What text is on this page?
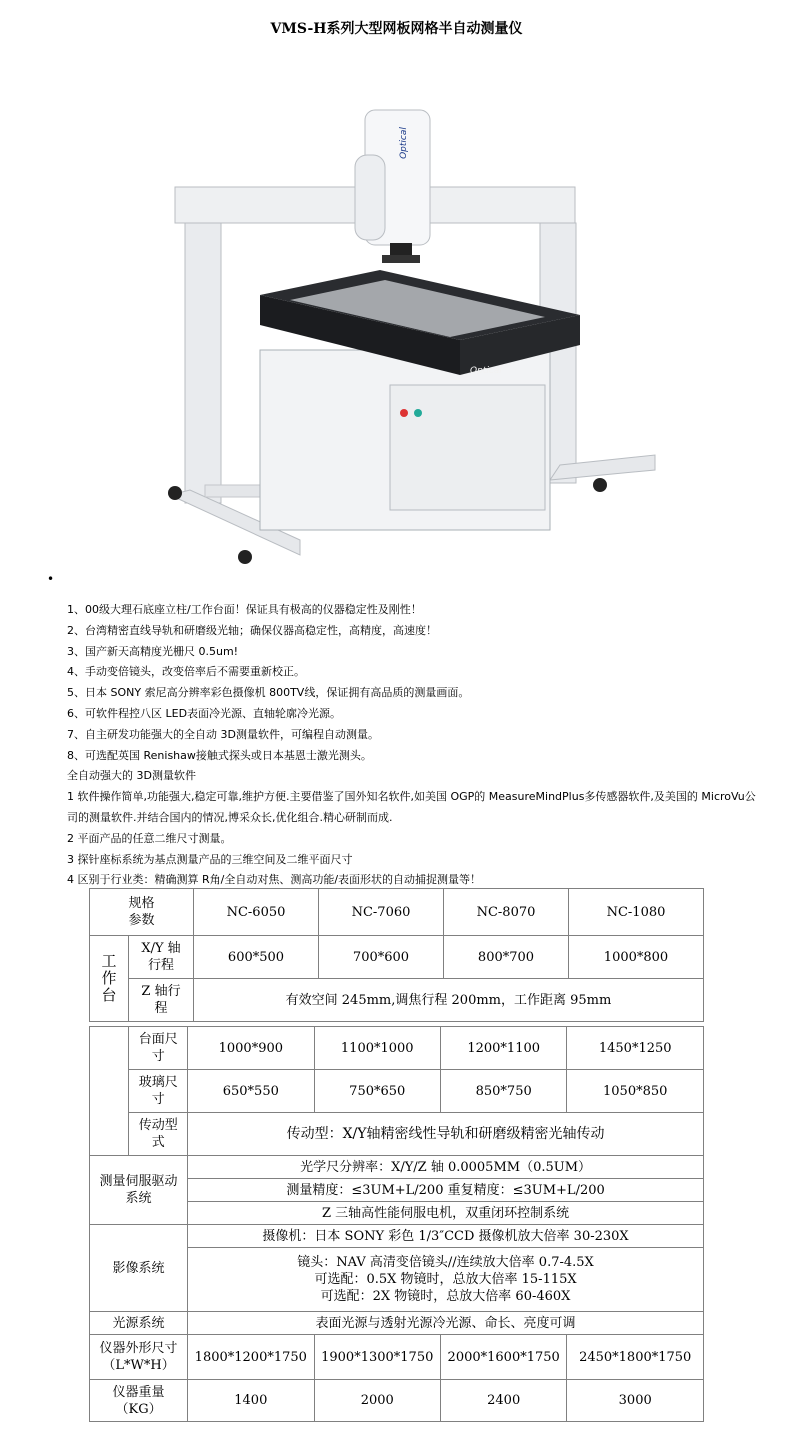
VMS-H系列大型网板网格半自动测量仪
Optical
Optical
•
1、00级大理石底座立柱/工作台面！保证具有极高的仪器稳定性及刚性！
2、台湾精密直线导轨和研磨级光轴；确保仪器高稳定性，高精度，高速度！
3、国产新天高精度光栅尺 0.5um!
4、手动变倍镜头，改变倍率后不需要重新校正。
5、日本 SONY 索尼高分辨率彩色摄像机 800TV线，保证拥有高品质的测量画面。
6、可软件程控八区 LED表面冷光源、直轴轮廓冷光源。
7、自主研发功能强大的全自动 3D测量软件，可编程自动测量。
8、可选配英国 Renishaw接触式探头或日本基恩士激光测头。
全自动强大的 3D测量软件
1 软件操作简单,功能强大,稳定可靠,维护方便.主要借鉴了国外知名软件,如美国 OGP的 MeasureMindPlus多传感器软件,及美国的 MicroVu公司的测量软件.并结合国内的情况,博采众长,优化组合.精心研制而成.
2 平面产品的任意二维尺寸测量。
3 探针座标系统为基点测量产品的三维空间及二维平面尺寸
4 区别于行业类：精确测算 R角/全自动对焦、测高功能/表面形状的自动捕捉测量等！
规格
参数		NC-6050	NC-7060	NC-8070	NC-1080
工
作
台	X/Y 轴
行程	600*500	700*600	800*700	1000*800
	Z 轴行
程	有效空间 245mm,调焦行程 200mm，工作距离 95mm			
	台面尺
寸	1000*900	1100*1000	1200*1100	1450*1250
	玻璃尺
寸	650*550	750*650	850*750	1050*850
	传动型
式	传动型：X/Y轴精密线性导轨和研磨级精密光轴传动			
测量伺服驱动
系统		光学尺分辨率：X/Y/Z 轴 0.0005MM（0.5UM）			
		测量精度：≤3UM+L/200 重复精度：≤3UM+L/200			
		Z 三轴高性能伺服电机，双重闭环控制系统			
影像系统		摄像机：日本 SONY 彩色 1/3″CCD 摄像机放大倍率 30-230X			

		镜头：NAV 高清变倍镜头//连续放大倍率 0.7-4.5X
可选配：0.5X 物镜时，总放大倍率 15-115X
可选配：2X 物镜时，总放大倍率 60-460X			

光源系统		表面光源与透射光源冷光源、命长、亮度可调			
仪器外形尺寸
（L*W*H）		1800*1200*1750	1900*1300*1750	2000*1600*1750	2450*1800*1750
仪器重量
（KG）		1400	2000	2400	3000
